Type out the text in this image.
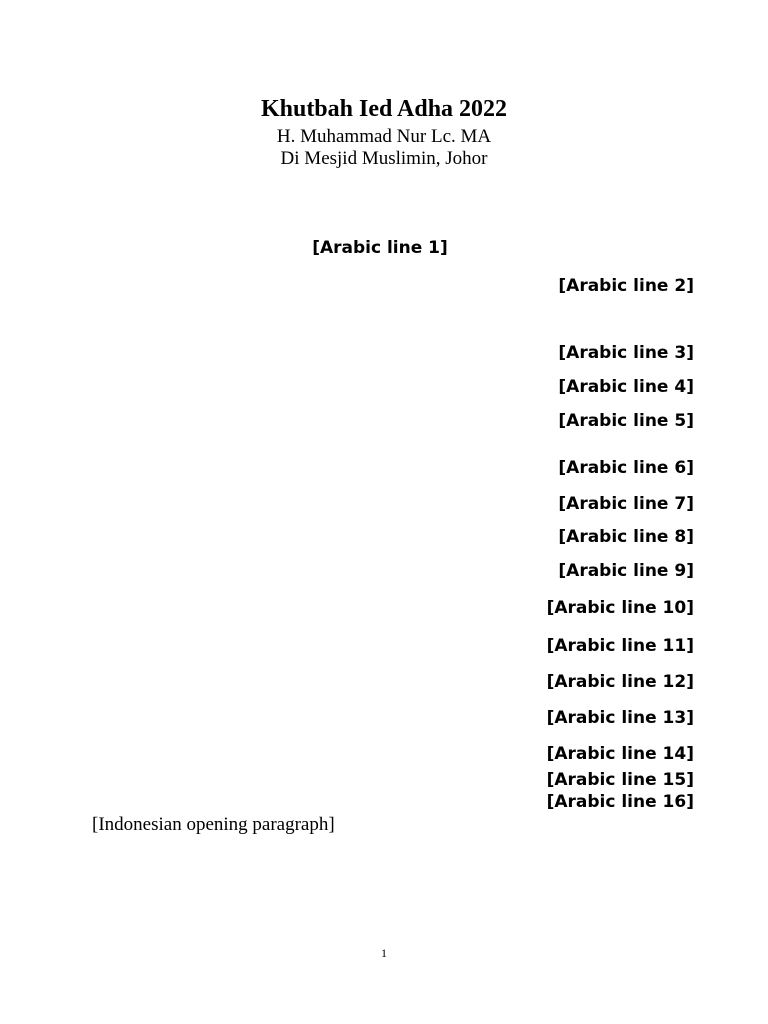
Khutbah Ied Adha 2022

H. Muhammad Nur Lc. MA

Di Mesjid Muslimin, Johor

[Arabic line 1]
[Arabic line 2]
[Arabic line 3]
[Arabic line 4]
[Arabic line 5]
[Arabic line 6]
[Arabic line 7]
[Arabic line 8]
[Arabic line 9]
[Arabic line 10]
[Arabic line 11]
[Arabic line 12]
[Arabic line 13]
[Arabic line 14]
[Arabic line 15]
[Arabic line 16]

[Indonesian opening paragraph]

1
